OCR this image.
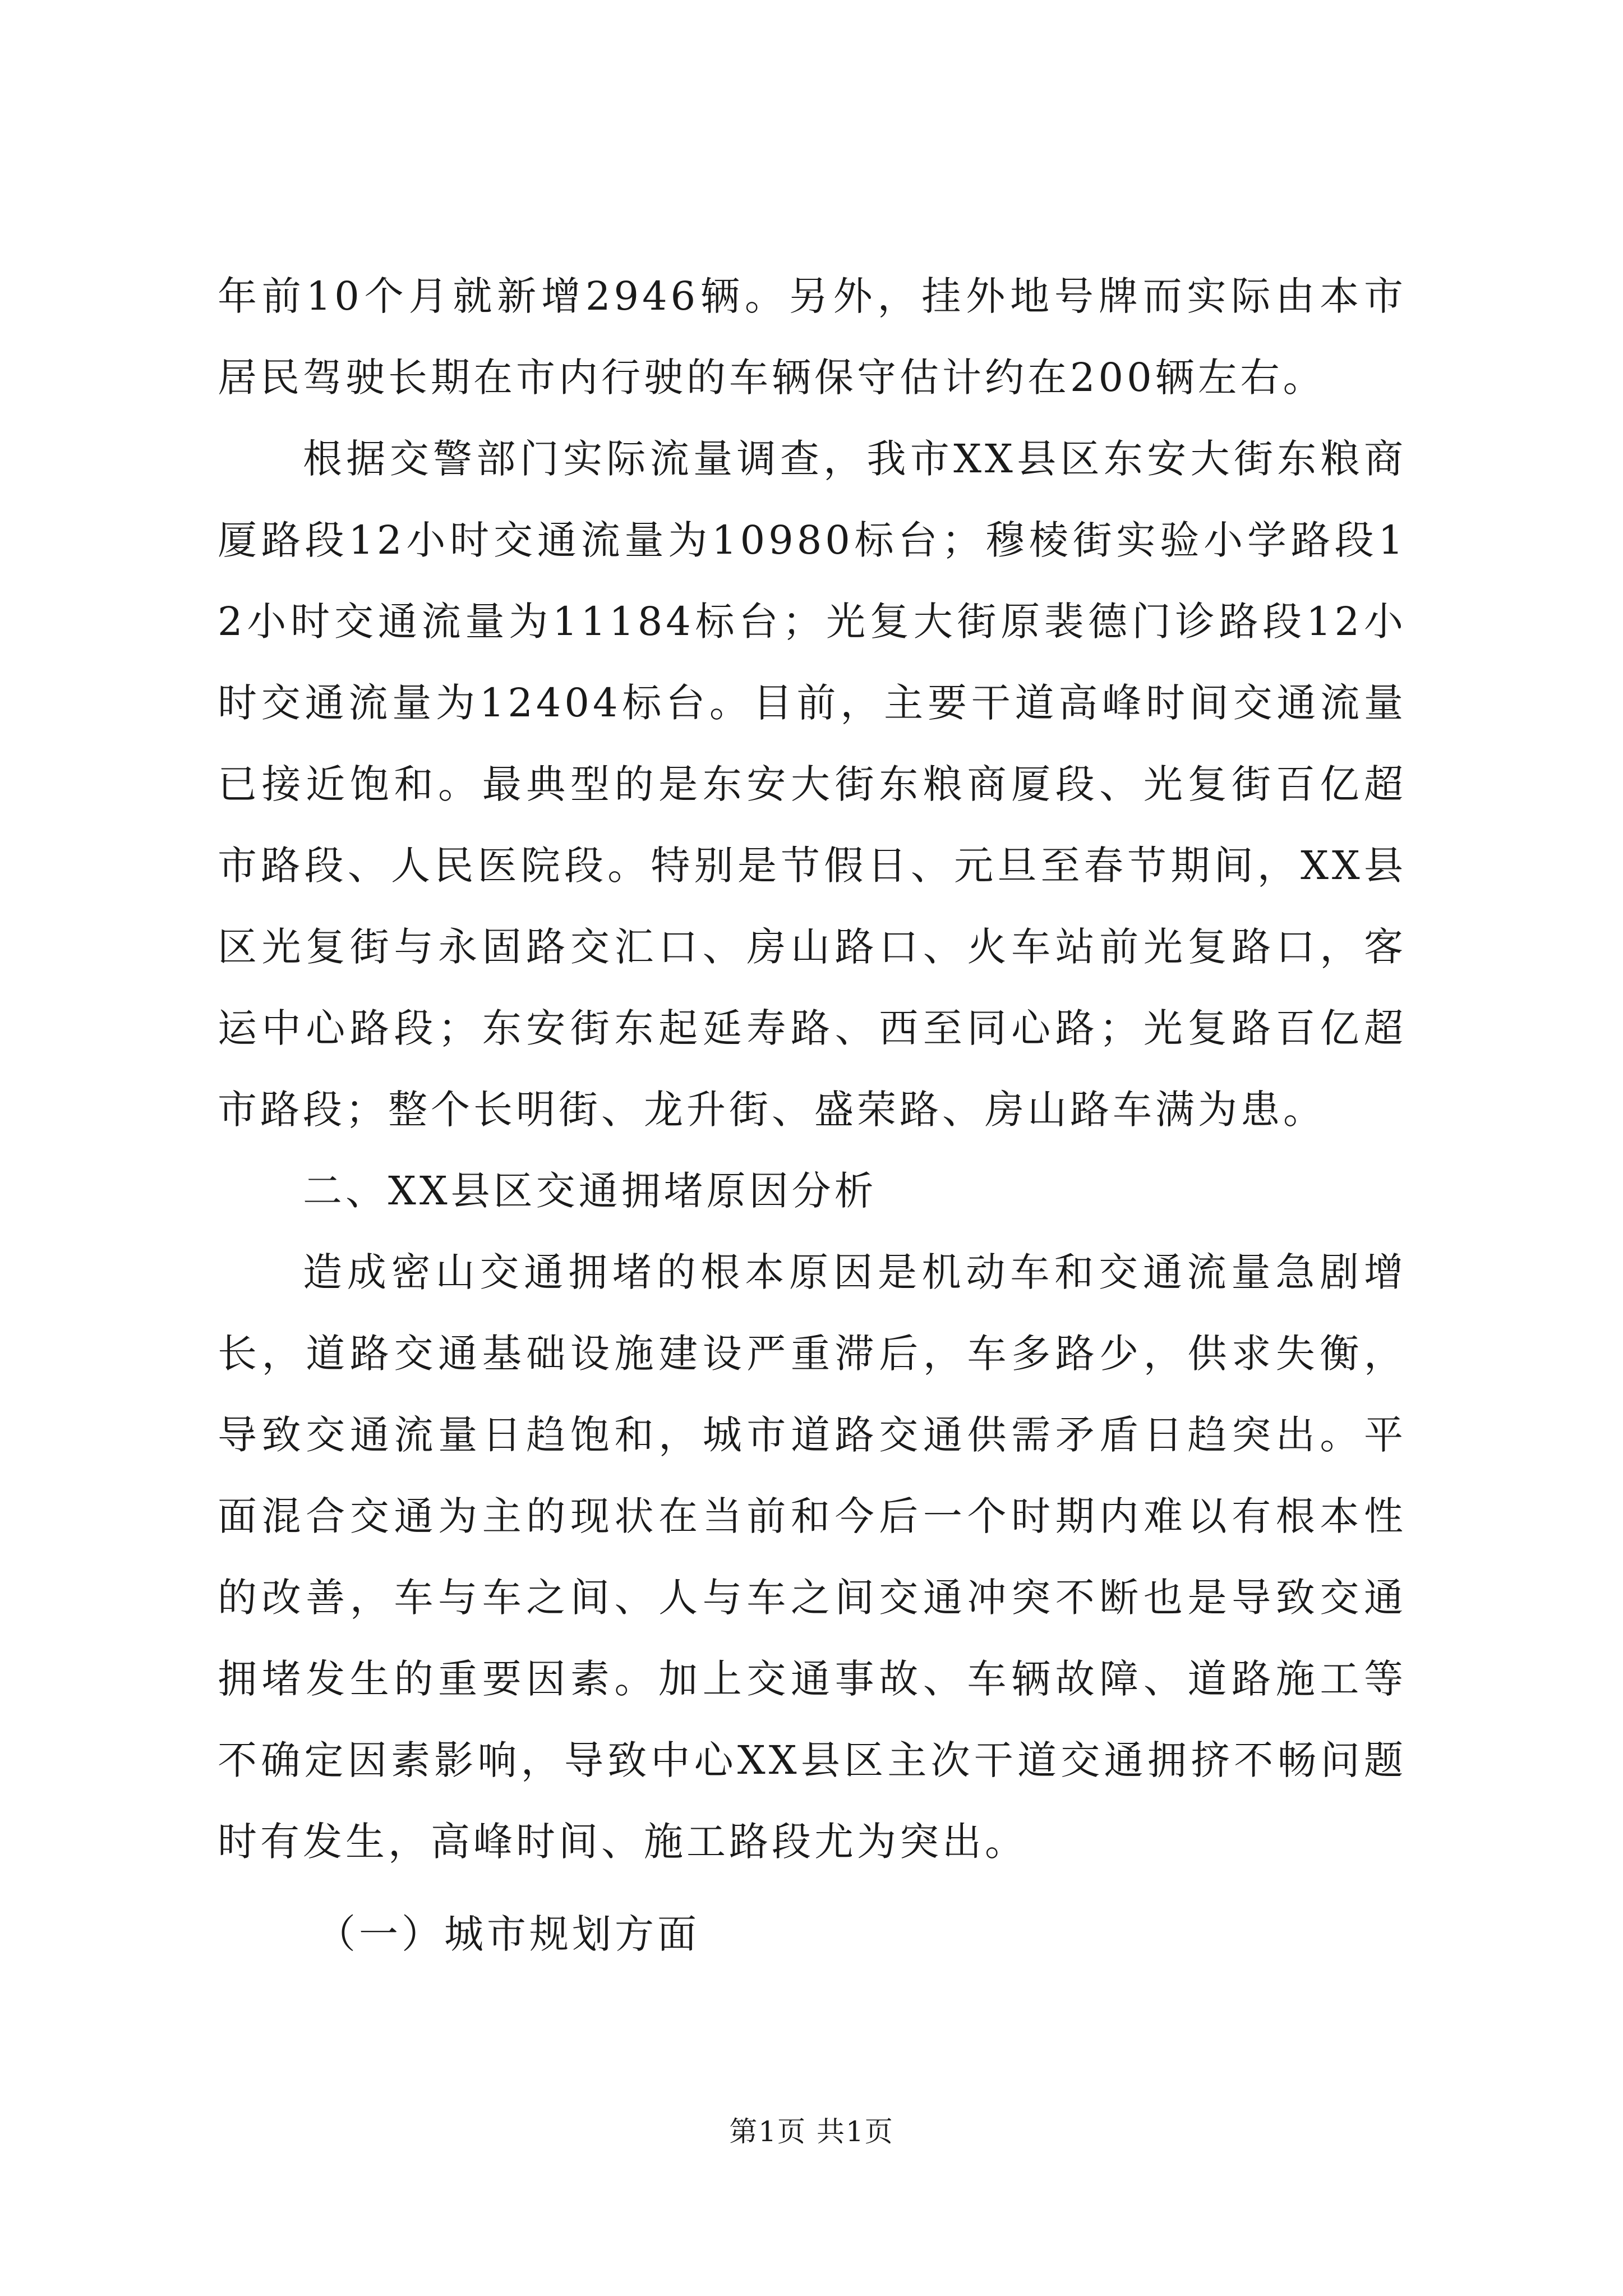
年前10个月就新增2946辆。另外，挂外地号牌而实际由本市居民驾驶长期在市内行驶的车辆保守估计约在200辆左右。

根据交警部门实际流量调查，我市XX县区东安大街东粮商厦路段12小时交通流量为10980标台；穆棱街实验小学路段12小时交通流量为11184标台；光复大街原裴德门诊路段12小时交通流量为12404标台。目前，主要干道高峰时间交通流量已接近饱和。最典型的是东安大街东粮商厦段、光复街百亿超市路段、人民医院段。特别是节假日、元旦至春节期间，XX县区光复街与永固路交汇口、房山路口、火车站前光复路口，客运中心路段；东安街东起延寿路、西至同心路；光复路百亿超市路段；整个长明街、龙升街、盛荣路、房山路车满为患。

二、XX县区交通拥堵原因分析

造成密山交通拥堵的根本原因是机动车和交通流量急剧增长，道路交通基础设施建设严重滞后，车多路少，供求失衡，导致交通流量日趋饱和，城市道路交通供需矛盾日趋突出。平面混合交通为主的现状在当前和今后一个时期内难以有根本性的改善，车与车之间、人与车之间交通冲突不断也是导致交通拥堵发生的重要因素。加上交通事故、车辆故障、道路施工等不确定因素影响，导致中心XX县区主次干道交通拥挤不畅问题时有发生，高峰时间、施工路段尤为突出。

（一）城市规划方面

第1页 共1页
